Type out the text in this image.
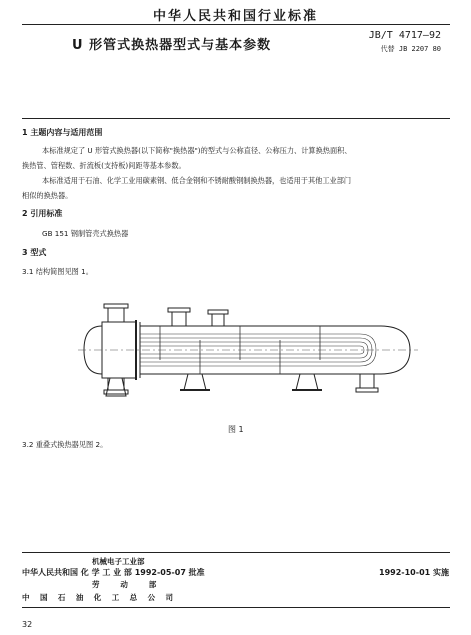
中华人民共和国行业标准
JB/T 4717—92
代替 JB 2207 80
U 形管式换热器型式与基本参数
1 主题内容与适用范围
本标准规定了 U 形管式换热器(以下简称"换热器")的型式与公称直径、公称压力、计算换热面积、
换热管、管程数、折流板(支持板)间距等基本参数。
本标准适用于石油、化学工业用碳素钢、低合金钢和不锈耐酸钢制换热器，也适用于其他工业部门
相似的换热器。
2 引用标准
GB 151 钢制管壳式换热器
3 型式
3.1 结构简图见图 1。
图 1
3.2 重叠式换热器见图 2。
机械电子工业部
中华人民共和国 化 学 工 业 部 1992-05-07 批准
劳        动        部
1992-10-01 实施
中    国    石    油    化    工    总    公    司
32
